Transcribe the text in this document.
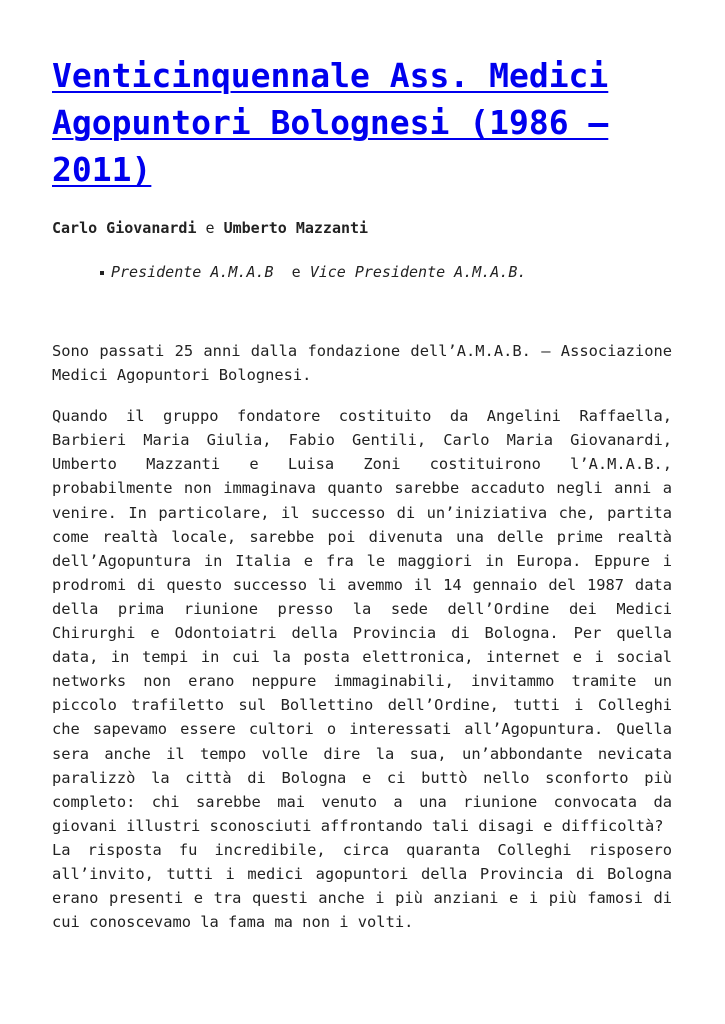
Venticinquennale Ass. Medici Agopuntori Bolognesi (1986 – 2011)
Carlo Giovanardi e Umberto Mazzanti
Presidente A.M.A.B  e Vice Presidente A.M.A.B.

Sono passati 25 anni dalla fondazione dell’A.M.A.B. – Associazione Medici Agopuntori Bolognesi.

Quando il gruppo fondatore costituito da Angelini Raffaella, Barbieri Maria Giulia, Fabio Gentili, Carlo Maria Giovanardi, Umberto Mazzanti e Luisa Zoni costituirono l’A.M.A.B., probabilmente non immaginava quanto sarebbe accaduto negli anni a venire. In particolare, il successo di un’iniziativa che, partita come realtà locale, sarebbe poi divenuta una delle prime realtà dell’Agopuntura in Italia e fra le maggiori in Europa. Eppure i prodromi di questo successo li avemmo il 14 gennaio del 1987 data della prima riunione presso la sede dell’Ordine dei Medici Chirurghi e Odontoiatri della Provincia di Bologna. Per quella data, in tempi in cui la posta elettronica, internet e i social networks non erano neppure immaginabili, invitammo tramite un piccolo trafiletto sul Bollettino dell’Ordine, tutti i Colleghi che sapevamo essere cultori o interessati all’Agopuntura. Quella sera anche il tempo volle dire la sua, un’abbondante nevicata paralizzò la città di Bologna e ci buttò nello sconforto più completo: chi sarebbe mai venuto a una riunione convocata da giovani illustri sconosciuti affrontando tali disagi e difficoltà?

La risposta fu incredibile, circa quaranta Colleghi risposero all’invito, tutti i medici agopuntori della Provincia di Bologna erano presenti e tra questi anche i più anziani e i più famosi di cui conoscevamo la fama ma non i volti.
